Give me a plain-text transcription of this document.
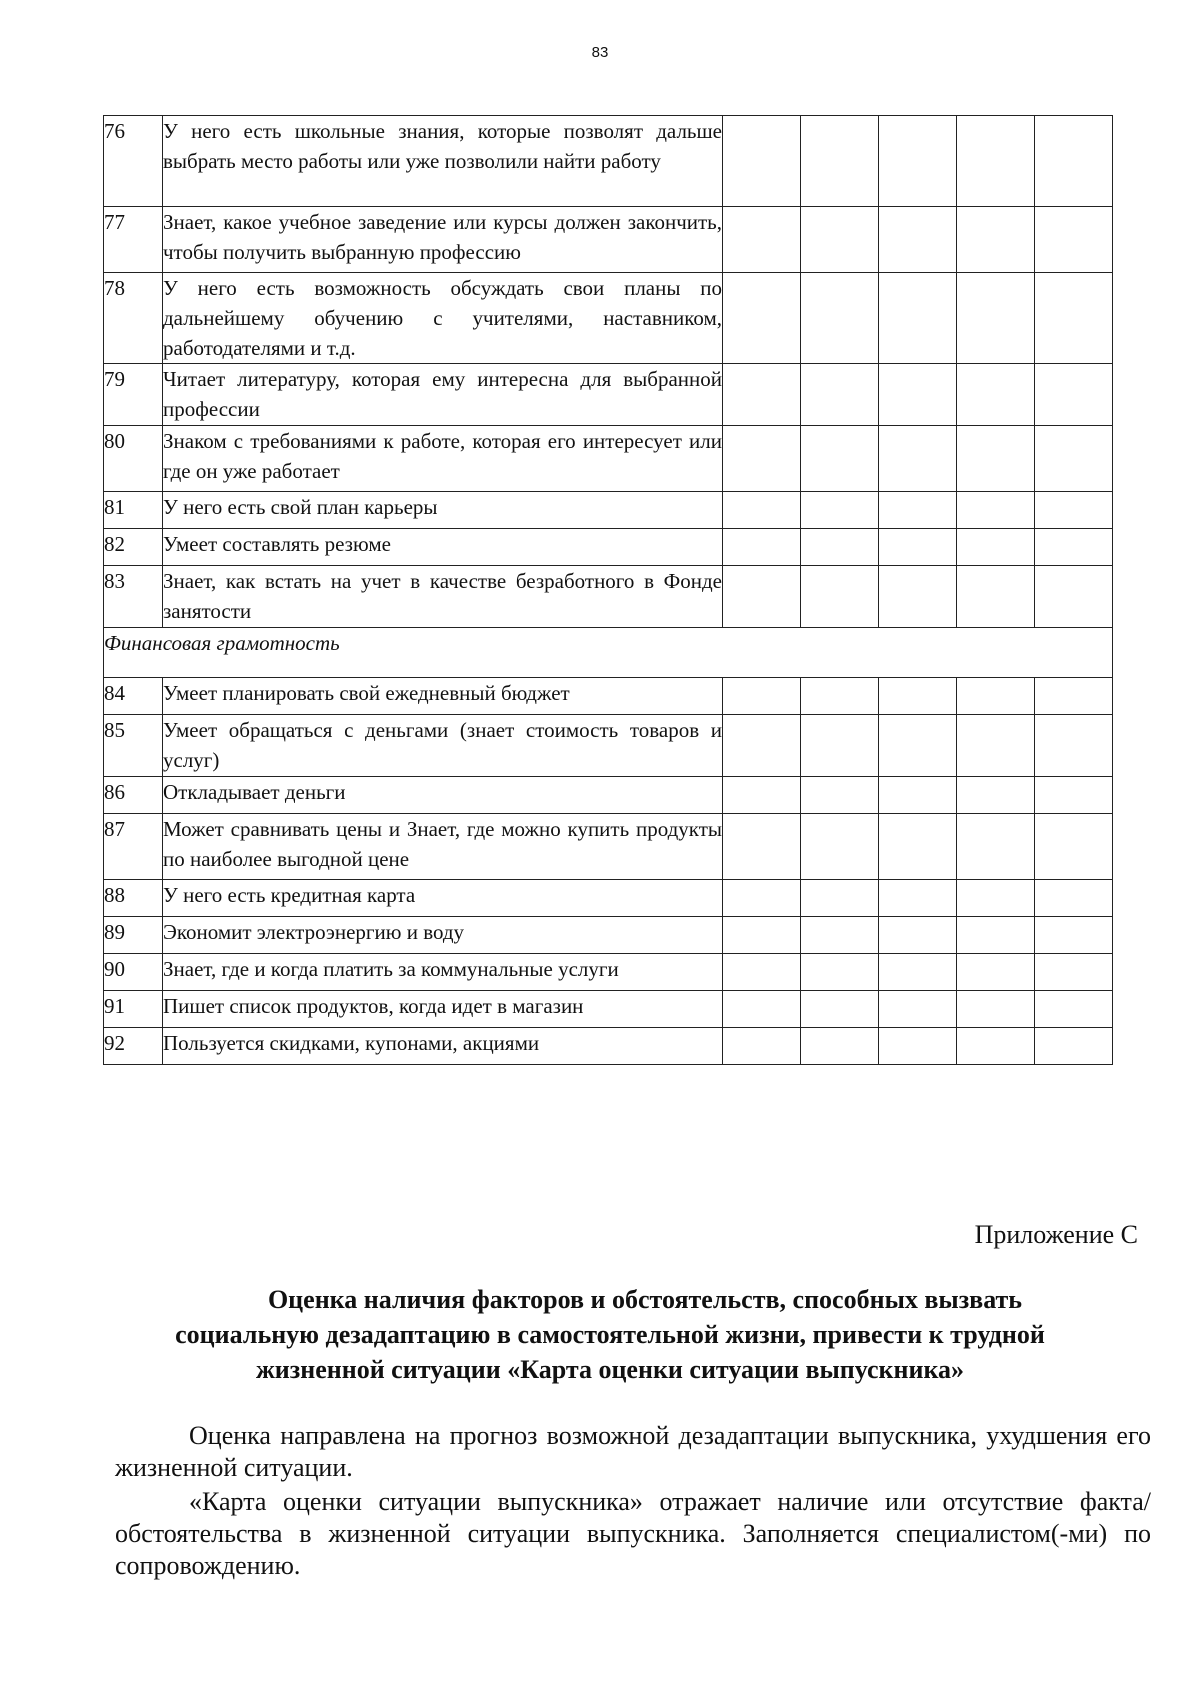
83
76	У него есть школьные знания, которые позволят дальше выбрать место работы или уже позволили найти работу					
77	Знает, какое учебное заведение или курсы должен закончить, чтобы получить выбранную профессию					
78	У него есть возможность обсуждать свои планы по дальнейшему обучению с учителями, наставником, работодателями и т.д.					
79	Читает литературу, которая ему интересна для выбранной профессии					
80	Знаком с требованиями к работе, которая его интересует или где он уже работает					
81	У него есть свой план карьеры					
82	Умеет составлять резюме					
83	Знает, как встать на учет в качестве безработного в Фонде занятости					
Финансовая грамотность						
84	Умеет планировать свой ежедневный бюджет					
85	Умеет обращаться с деньгами (знает стоимость товаров и услуг)					
86	Откладывает деньги					
87	Может сравнивать цены и Знает, где можно купить продукты по наиболее выгодной цене					
88	У него есть кредитная карта					
89	Экономит электроэнергию и воду					
90	Знает, где и когда платить за коммунальные услуги					
91	Пишет список продуктов, когда идет в магазин					
92	Пользуется скидками, купонами, акциями					
Приложение С
Оценка наличия факторов и обстоятельств, способных вызвать
социальную дезадаптацию в самостоятельной жизни, привести к трудной
жизненной ситуации «Карта оценки ситуации выпускника»

Оценка направлена на прогноз возможной дезадаптации выпускника, ухудшения его жизненной ситуации.

«Карта оценки ситуации выпускника» отражает наличие или отсутствие факта/обстоятельства в жизненной ситуации выпускника. Заполняется специалистом(-ми) по сопровождению.
